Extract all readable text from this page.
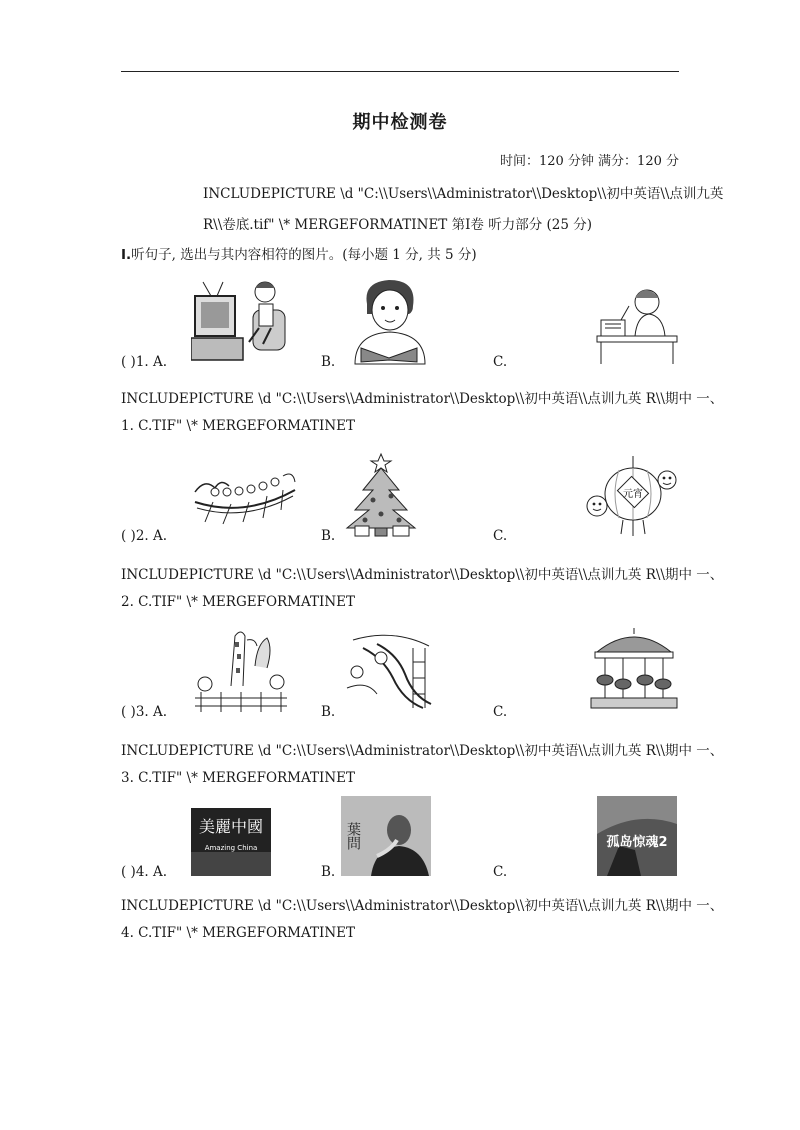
期中检测卷
时间：120 分钟 满分：120 分
INCLUDEPICTURE \d "C:\\Users\\Administrator\\Desktop\\初中英语\\点训九英
R\\卷底.tif" \* MERGEFORMATINET 第Ⅰ卷 听力部分 (25 分)
Ⅰ.听句子, 选出与其内容相符的图片。(每小题 1 分, 共 5 分)
( )1. A.	B.	C.
INCLUDEPICTURE \d "C:\\Users\\Administrator\\Desktop\\初中英语\\点训九英 R\\期中 一、
1. C.TIF" \* MERGEFORMATINET
( )2. A.	B.	C.
元宵
INCLUDEPICTURE \d "C:\\Users\\Administrator\\Desktop\\初中英语\\点训九英 R\\期中 一、
2. C.TIF" \* MERGEFORMATINET
( )3. A.	B.	C.
INCLUDEPICTURE \d "C:\\Users\\Administrator\\Desktop\\初中英语\\点训九英 R\\期中 一、
3. C.TIF" \* MERGEFORMATINET
( )4. A.	B.	C.
美麗中國
Amazing China	葉問	孤岛惊魂2
INCLUDEPICTURE \d "C:\\Users\\Administrator\\Desktop\\初中英语\\点训九英 R\\期中 一、
4. C.TIF" \* MERGEFORMATINET
